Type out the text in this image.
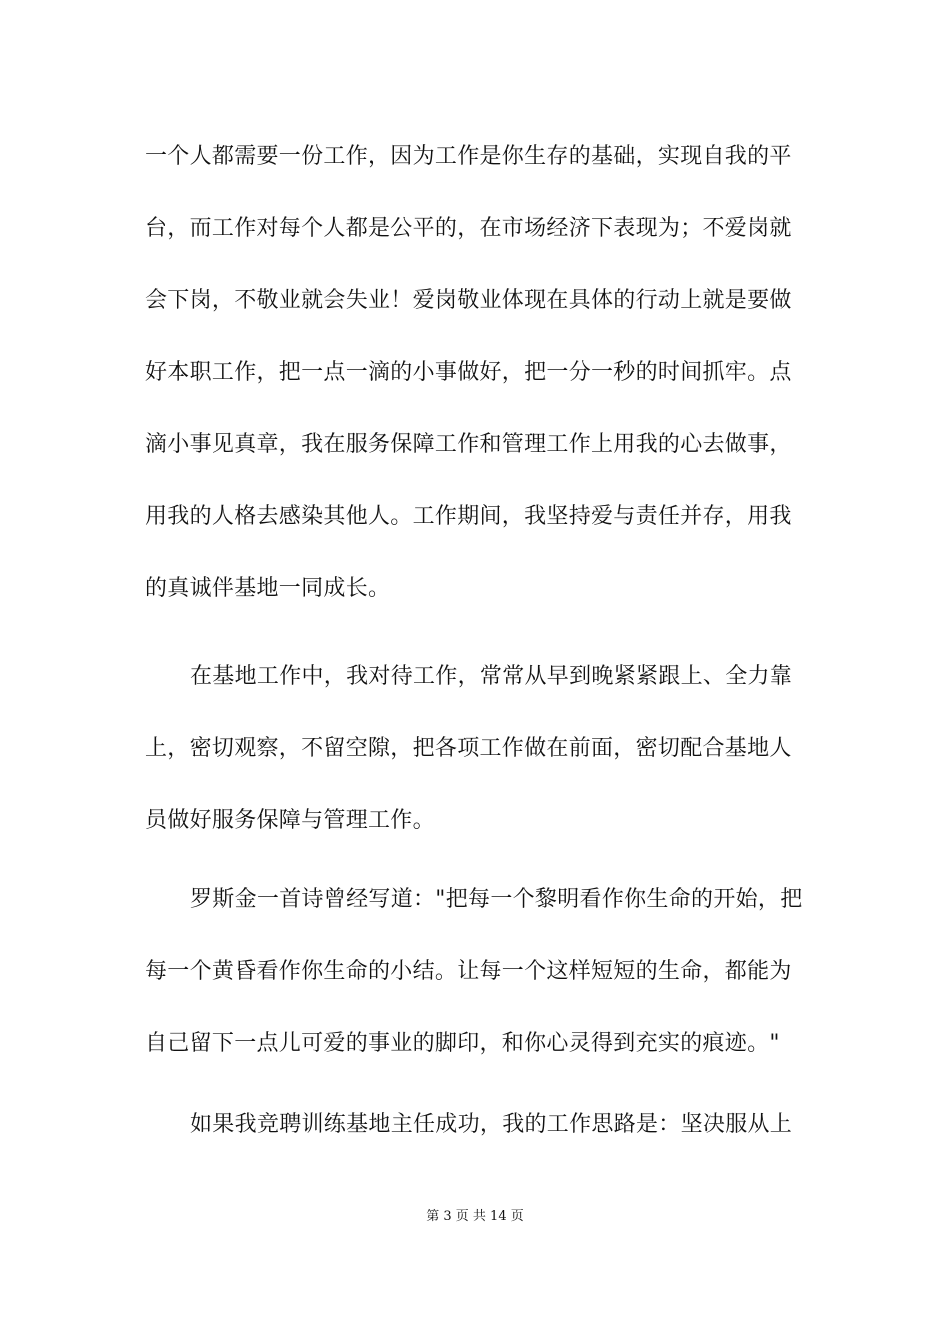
一个人都需要一份工作，因为工作是你生存的基础，实现自我的平
台，而工作对每个人都是公平的，在市场经济下表现为；不爱岗就
会下岗，不敬业就会失业！爱岗敬业体现在具体的行动上就是要做
好本职工作，把一点一滴的小事做好，把一分一秒的时间抓牢。点
滴小事见真章，我在服务保障工作和管理工作上用我的心去做事，
用我的人格去感染其他人。工作期间，我坚持爱与责任并存，用我
的真诚伴基地一同成长。
在基地工作中，我对待工作，常常从早到晚紧紧跟上、全力靠
上，密切观察，不留空隙，把各项工作做在前面，密切配合基地人
员做好服务保障与管理工作。
罗斯金一首诗曾经写道："把每一个黎明看作你生命的开始，把
每一个黄昏看作你生命的小结。让每一个这样短短的生命，都能为
自己留下一点儿可爱的事业的脚印，和你心灵得到充实的痕迹。"
如果我竞聘训练基地主任成功，我的工作思路是：坚决服从上
第 3 页 共 14 页
